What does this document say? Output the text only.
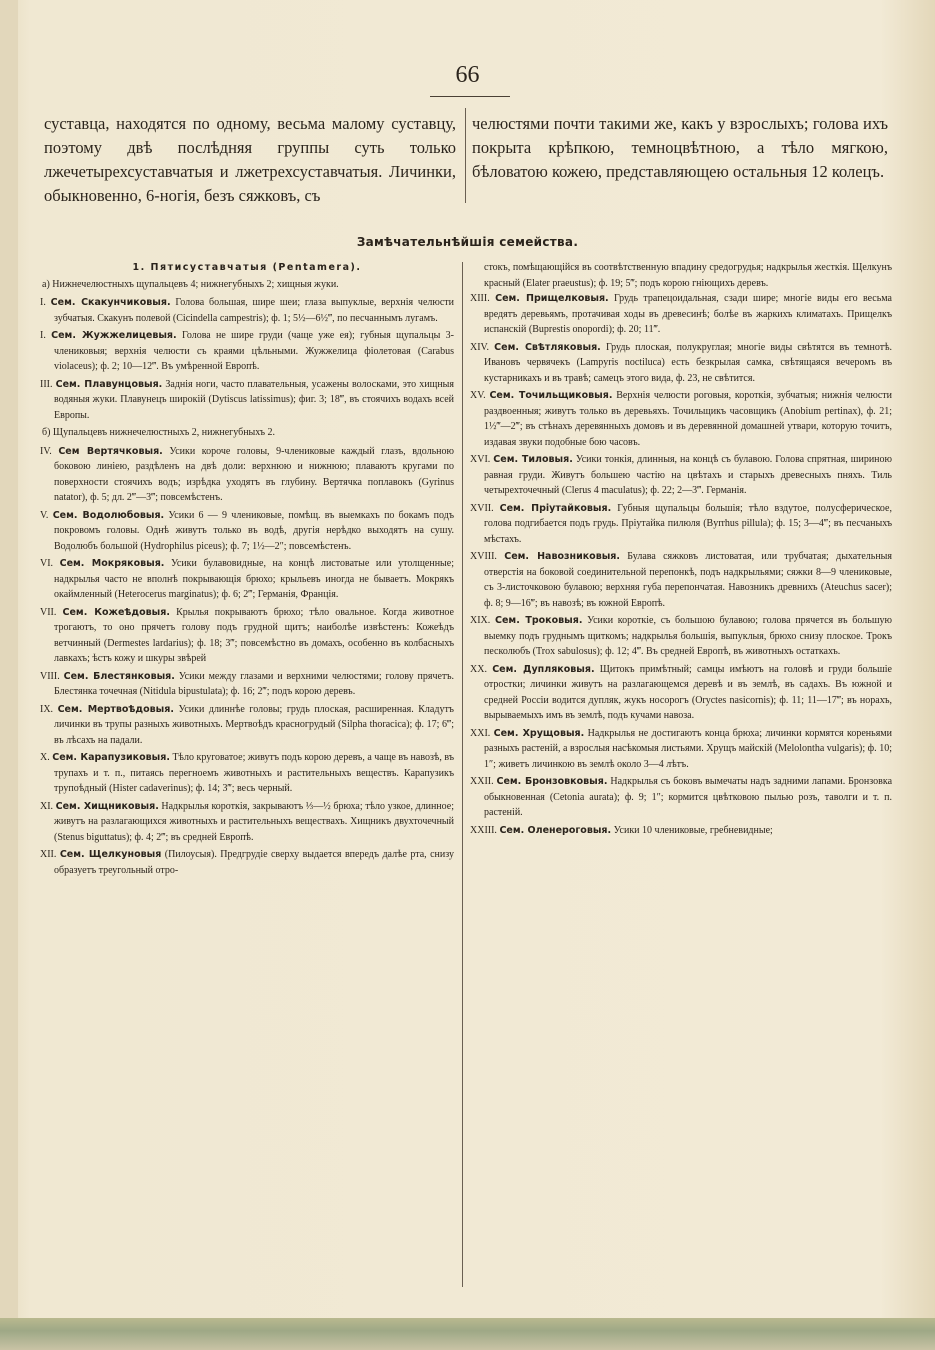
66
суставца, находятся по одному, весьма малому суставцу, поэтому двѣ послѣдняя группы суть только лжечетырехсуставчатыя и лжетрехсуставчатыя. Личинки, обыкновенно, 6-ногія, безъ сяжковъ, съ
челюстями почти такими же, какъ у взрослыхъ; голова ихъ покрыта крѣпкою, темноцвѣтною, а тѣло мягкою, бѣловатою кожею, представляющею остальныя 12 колецъ.
Замѣчательнѣйшія семейства.
1. Пятисуставчатыя (Pentamera).
а) Нижнечелюстныхъ щупальцевъ 4; нижнегубныхъ 2; хищныя жуки.
I. Сем. Скакунчиковыя. Голова большая, шире шеи; глаза выпуклые, верхнія челюсти зубчатыя. Скакунъ полевой (Cicindella campestris); ф. 1; 5½—6½‴, по песчаннымъ лугамъ.
I. Сем. Жужжелицевыя. Голова не шире груди (чаще уже ея); губныя щупальцы 3-члениковыя; верхнія челюсти съ краями цѣльными. Жужжелица фіолетовая (Carabus violaceus); ф. 2; 10—12‴. Въ умѣренной Европѣ.
III. Сем. Плавунцовыя. Заднія ноги, часто плавательныя, усажены волосками, это хищныя водяныя жуки. Плавунецъ широкій (Dytiscus latissimus); фиг. 3; 18‴, въ стоячихъ водахъ всей Европы.
б) Щупальцевъ нижнечелюстныхъ 2, нижнегубныхъ 2.
IV. Сем Вертячковыя. Усики короче головы, 9-члениковые каждый глазъ, вдольною боковою линіею, раздѣленъ на двѣ доли: верхнюю и нижнюю; плаваютъ кругами по поверхности стоячихъ водъ; изрѣдка уходятъ въ глубину. Вертячка поплавокъ (Gyrinus natator), ф. 5; дл. 2‴—3‴; повсемѣстенъ.
V. Сем. Водолюбовыя. Усики 6 — 9 члениковые, помѣщ. въ выемкахъ по бокамъ подъ покровомъ головы. Однѣ живутъ только въ водѣ, другія нерѣдко выходятъ на сушу. Водолюбъ большой (Hydrophilus piceus); ф. 7; 1½—2″; повсемѣстенъ.
VI. Сем. Мокряковыя. Усики булавовидные, на концѣ листоватые или утолщенные; надкрылья часто не вполнѣ покрывающія брюхо; крыльевъ иногда не бываетъ. Мокрякъ окаймленный (Heterocerus marginatus); ф. 6; 2‴; Германія, Франція.
VII. Сем. Кожеѣдовыя. Крылья покрываютъ брюхо; тѣло овальное. Когда животное трогаютъ, то оно прячетъ голову подъ грудной щитъ; наиболѣе извѣстенъ: Кожеѣдъ ветчинный (Dermestes lardarius); ф. 18; 3‴; повсемѣстно въ домахъ, особенно въ колбасныхъ лавкахъ; ѣстъ кожу и шкуры звѣрей
VIII. Сем. Блестянковыя. Усики между глазами и верхними челюстями; голову прячетъ. Блестянка точечная (Nitidula bipustulata); ф. 16; 2‴; подъ корою деревъ.
IX. Сем. Мертвоѣдовыя. Усики длиннѣе головы; грудь плоская, расширенная. Кладутъ личинки въ трупы разныхъ животныхъ. Мертвоѣдъ красногрудый (Silpha thoracica); ф. 17; 6‴; въ лѣсахъ на падали.
X. Сем. Карапузиковыя. Тѣло круговатое; живутъ подъ корою деревъ, а чаще въ навозѣ, въ трупахъ и т. п., питаясь перегноемъ животныхъ и растительныхъ веществъ. Карапузикъ трупоѣдный (Hister cadaverinus); ф. 14; 3‴; весь черный.
XI. Сем. Хищниковыя. Надкрылья короткія, закрываютъ ⅓—½ брюха; тѣло узкое, длинное; живутъ на разлагающихся животныхъ и растительныхъ веществахъ. Хищникъ двухточечный (Stenus biguttatus); ф. 4; 2‴; въ средней Европѣ.
XII. Сем. Щелкуновыя (Пилоусыя). Предгрудіе сверху выдается впередъ далѣе рта, снизу образуетъ треугольный отро-
стокъ, помѣщающійся въ соотвѣтственную впадину средогрудья; надкрылья жесткія. Щелкунъ красный (Elater praeustus); ф. 19; 5‴; подъ корою гніющихъ деревъ.
XIII. Сем. Прищелковыя. Грудь трапецоидальная, сзади шире; многіе виды его весьма вредятъ деревьямъ, протачивая ходы въ древесинѣ; болѣе въ жаркихъ климатахъ. Прищелкъ испанскій (Buprestis onopordi); ф. 20; 11‴.
XIV. Сем. Свѣтляковыя. Грудь плоская, полукруглая; многіе виды свѣтятся въ темнотѣ. Ивановъ червячекъ (Lampyris noctiluca) есть безкрылая самка, свѣтящаяся вечеромъ въ кустарникахъ и въ травѣ; самецъ этого вида, ф. 23, не свѣтится.
XV. Сем. Точильщиковыя. Верхнія челюсти роговыя, короткія, зубчатыя; нижнія челюсти раздвоенныя; живутъ только въ деревьяхъ. Точильщикъ часовщикъ (Anobium pertinax), ф. 21; 1½‴—2‴; въ стѣнахъ деревянныхъ домовъ и въ деревянной домашней утвари, которую точитъ, издавая звуки подобные бою часовъ.
XVI. Сем. Тиловыя. Усики тонкія, длинныя, на концѣ съ булавою. Голова спрятная, шириною равная груди. Живутъ большею частію на цвѣтахъ и старыхъ древесныхъ пняхъ. Тиль четырехточечный (Clerus 4 maculatus); ф. 22; 2—3‴. Германія.
XVII. Сем. Пріутайковыя. Губныя щупальцы большія; тѣло вздутое, полусферическое, голова подгибается подъ грудь. Пріутайка пилюля (Byrrhus pillula); ф. 15; 3—4‴; въ песчаныхъ мѣстахъ.
XVIII. Сем. Навозниковыя. Булава сяжковъ листоватая, или трубчатая; дыхательныя отверстія на боковой соединительной перепонкѣ, подъ надкрыльями; сяжки 8—9 члениковые, съ 3-листочковою булавою; верхняя губа перепончатая. Навозникъ древнихъ (Ateuchus sacer); ф. 8; 9—16‴; въ навозѣ; въ южной Европѣ.
XIX. Сем. Троковыя. Усики короткіе, съ большою булавою; голова прячется въ большую выемку подъ груднымъ щиткомъ; надкрылья большія, выпуклыя, брюхо снизу плоское. Трокъ песколюбъ (Trox sabulosus); ф. 12; 4‴. Въ средней Европѣ, въ животныхъ остаткахъ.
XX. Сем. Дупляковыя. Щитокъ примѣтный; самцы имѣютъ на головѣ и груди большіе отростки; личинки живутъ на разлагающемся деревѣ и въ землѣ, въ садахъ. Въ южной и средней Россіи водится дупляк, жукъ носорогъ (Oryctes nasicornis); ф. 11; 11—17‴; въ норахъ, вырываемыхъ имъ въ землѣ, подъ кучами навоза.
XXI. Сем. Хрущовыя. Надкрылья не достигаютъ конца брюха; личинки кормятся кореньями разныхъ растеній, а взрослыя насѣкомыя листьями. Хрущъ майскій (Melolontha vulgaris); ф. 10; 1″; живетъ личинкою въ землѣ около 3—4 лѣтъ.
XXII. Сем. Бронзовковыя. Надкрылья съ боковъ вымечаты надъ задними лапами. Бронзовка обыкновенная (Cetonia aurata); ф. 9; 1″; кормится цвѣтковою пылью розъ, таволги и т. п. растеній.
XXIII. Сем. Оленероговыя. Усики 10 члениковые, гребневидные;
